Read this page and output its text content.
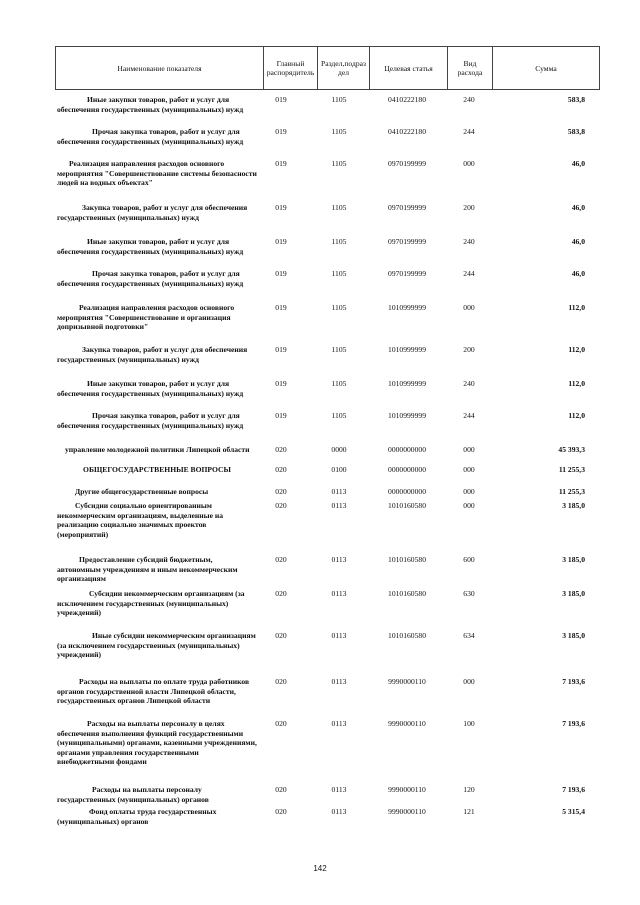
Наименование показателя	Главный
распорядитель
Раздел,подраз
дел	Целевая статья	Вид
расхода	Сумма
Иные закупки товаров, работ и услуг для обеспечения государственных (муниципальных) нужд
019	1105	0410222180	240	583,8
Прочая закупка товаров, работ и услуг для обеспечения государственных (муниципальных) нужд
019	1105	0410222180	244	583,8
Реализация направления расходов основного мероприятия "Совершенствование системы безопасности людей на водных объектах"
019	1105	0970199999	000	46,0
Закупка товаров, работ и услуг для обеспечения государственных (муниципальных) нужд
019	1105	0970199999	200	46,0
Иные закупки товаров, работ и услуг для обеспечения государственных (муниципальных) нужд
019	1105	0970199999	240	46,0
Прочая закупка товаров, работ и услуг для обеспечения государственных (муниципальных) нужд
019	1105	0970199999	244	46,0
Реализация направления расходов основного мероприятия "Совершенствование и организация допризывной подготовки"
019	1105	1010999999	000	112,0
Закупка товаров, работ и услуг для обеспечения государственных (муниципальных) нужд
019	1105	1010999999	200	112,0
Иные закупки товаров, работ и услуг для обеспечения государственных (муниципальных) нужд
019	1105	1010999999	240	112,0
Прочая закупка товаров, работ и услуг для обеспечения государственных (муниципальных) нужд
019	1105	1010999999	244	112,0
управление молодежной политики Липецкой области	020	0000	0000000000	000	45 393,3
ОБЩЕГОСУДАРСТВЕННЫЕ ВОПРОСЫ	020	0100	0000000000	000	11 255,3
Другие общегосударственные вопросы	020	0113	0000000000	000	11 255,3
Субсидии социально ориентированным некоммерческим организациям, выделенные на реализацию социально значимых проектов (мероприятий)
020	0113	1010160580	000	3 185,0
Предоставление субсидий бюджетным, автономным учреждениям и иным некоммерческим организациям
020	0113	1010160580	600	3 185,0
Субсидии некоммерческим организациям (за исключением государственных (муниципальных) учреждений)
020	0113	1010160580	630	3 185,0
Иные субсидии некоммерческим организациям (за исключением государственных (муниципальных) учреждений)
020	0113	1010160580	634	3 185,0
Расходы на выплаты по оплате труда работников органов государственной власти Липецкой области, государственных органов Липецкой области
020	0113	9990000110	000	7 193,6
Расходы на выплаты персоналу в целях обеспечения выполнения функций государственными (муниципальными) органами, казенными учреждениями, органами управления государственными внебюджетными фондами
020	0113	9990000110	100	7 193,6
Расходы на выплаты персоналу государственных (муниципальных) органов
020	0113	9990000110	120	7 193,6
Фонд оплаты труда государственных (муниципальных) органов
020	0113	9990000110	121	5 315,4
142
